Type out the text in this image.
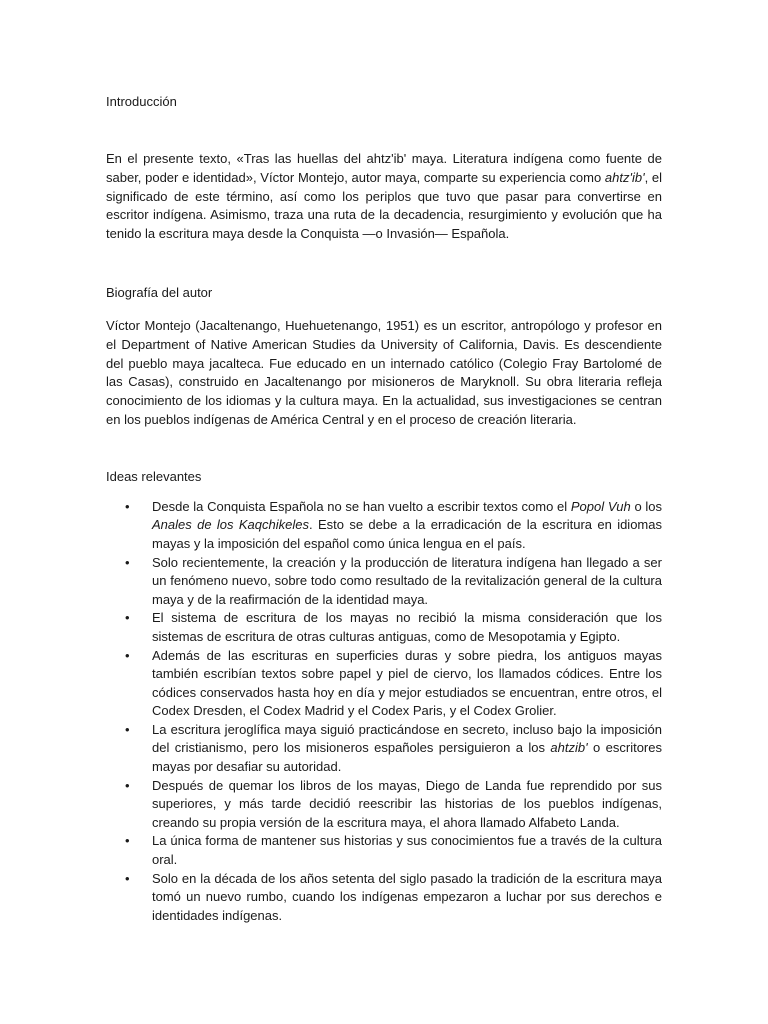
Introducción

En el presente texto, «Tras las huellas del ahtz'ib' maya. Literatura indígena como fuente de saber, poder e identidad», Víctor Montejo, autor maya, comparte su experiencia como ahtz'ib', el significado de este término, así como los periplos que tuvo que pasar para convertirse en escritor indígena. Asimismo, traza una ruta de la decadencia, resurgimiento y evolución que ha tenido la escritura maya desde la Conquista —o Invasión— Española.

Biografía del autor

Víctor Montejo (Jacaltenango, Huehuetenango, 1951) es un escritor, antropólogo y profesor en el Department of Native American Studies da University of California, Davis. Es descendiente del pueblo maya jacalteca. Fue educado en un internado católico (Colegio Fray Bartolomé de las Casas), construido en Jacaltenango por misioneros de Maryknoll. Su obra literaria refleja conocimiento de los idiomas y la cultura maya. En la actualidad, sus investigaciones se centran en los pueblos indígenas de América Central y en el proceso de creación literaria.

Ideas relevantes
• Desde la Conquista Española no se han vuelto a escribir textos como el Popol Vuh o los Anales de los Kaqchikeles. Esto se debe a la erradicación de la escritura en idiomas mayas y la imposición del español como única lengua en el país.
• Solo recientemente, la creación y la producción de literatura indígena han llegado a ser un fenómeno nuevo, sobre todo como resultado de la revitalización general de la cultura maya y de la reafirmación de la identidad maya.
• El sistema de escritura de los mayas no recibió la misma consideración que los sistemas de escritura de otras culturas antiguas, como de Mesopotamia y Egipto.
• Además de las escrituras en superficies duras y sobre piedra, los antiguos mayas también escribían textos sobre papel y piel de ciervo, los llamados códices. Entre los códices conservados hasta hoy en día y mejor estudiados se encuentran, entre otros, el Codex Dresden, el Codex Madrid y el Codex Paris, y el Codex Grolier.
• La escritura jeroglífica maya siguió practicándose en secreto, incluso bajo la imposición del cristianismo, pero los misioneros españoles persiguieron a los ahtzib' o escritores mayas por desafiar su autoridad.
• Después de quemar los libros de los mayas, Diego de Landa fue reprendido por sus superiores, y más tarde decidió reescribir las historias de los pueblos indígenas, creando su propia versión de la escritura maya, el ahora llamado Alfabeto Landa.
• La única forma de mantener sus historias y sus conocimientos fue a través de la cultura oral.
• Solo en la década de los años setenta del siglo pasado la tradición de la escritura maya tomó un nuevo rumbo, cuando los indígenas empezaron a luchar por sus derechos e identidades indígenas.
